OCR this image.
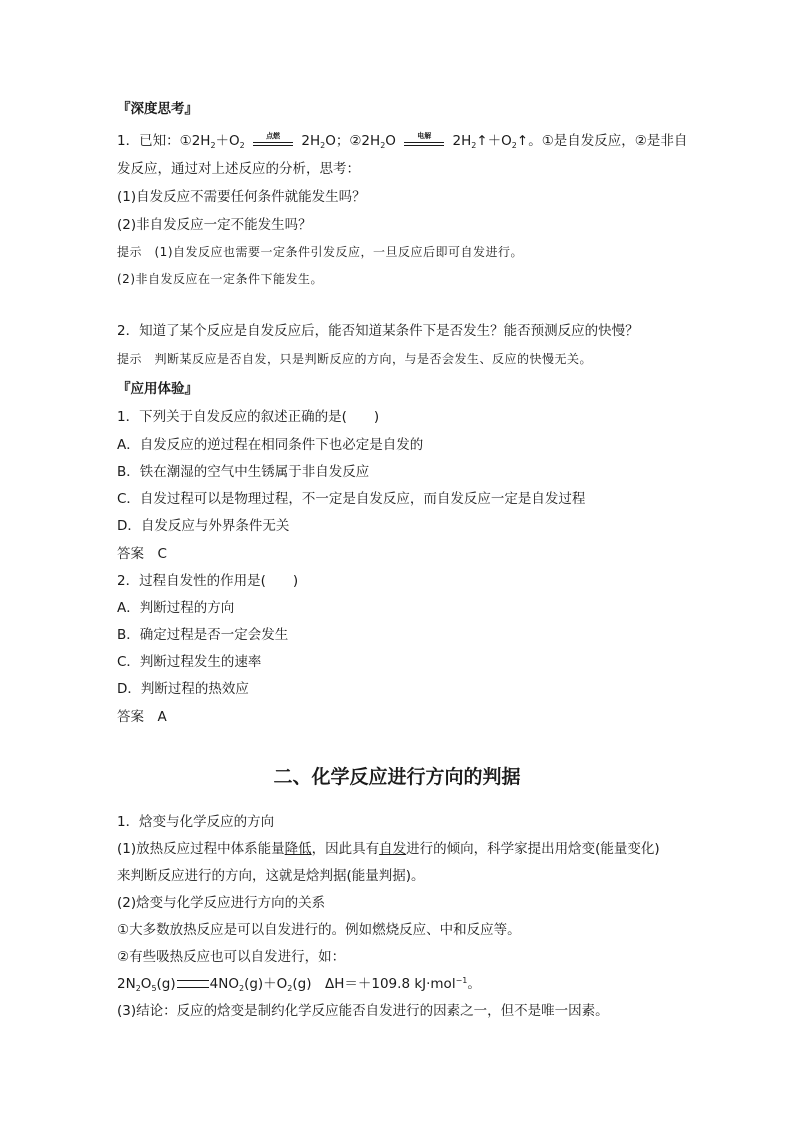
『深度思考』
1．已知：$①2H_2+O_2$
点燃	$2H_2O$；$②2H_2O$	电解	$2H_2↑+O_2↑$。①是自发反应，②是非自
发反应，通过对上述反应的分析，思考：
(1)自发反应不需要任何条件就能发生吗？
(2)非自发反应一定不能发生吗？
提示　(1)自发反应也需要一定条件引发反应，一旦反应后即可自发进行。
(2)非自发反应在一定条件下能发生。
2．知道了某个反应是自发反应后，能否知道某条件下是否发生？能否预测反应的快慢？
提示　判断某反应是否自发，只是判断反应的方向，与是否会发生、反应的快慢无关。
『应用体验』
1．下列关于自发反应的叙述正确的是(　　)
A．自发反应的逆过程在相同条件下也必定是自发的
B．铁在潮湿的空气中生锈属于非自发反应
C．自发过程可以是物理过程，不一定是自发反应，而自发反应一定是自发过程
D．自发反应与外界条件无关
答案　C
2．过程自发性的作用是(　　)
A．判断过程的方向
B．确定过程是否一定会发生
C．判断过程发生的速率
D．判断过程的热效应
答案　A
二、化学反应进行方向的判据
1．焓变与化学反应的方向
(1)放热反应过程中体系能量降低，因此具有自发进行的倾向，科学家提出用焓变(能量变化)
来判断反应进行的方向，这就是焓判据(能量判据)。
(2)焓变与化学反应进行方向的关系
①大多数放热反应是可以自发进行的。例如燃烧反应、中和反应等。
②有些吸热反应也可以自发进行，如：
$2N_2O_5(g)$	$4NO_2(g)+O_2(g)$　ΔH＝＋109.8 kJ·mol$^{-1}$。
(3)结论：反应的焓变是制约化学反应能否自发进行的因素之一，但不是唯一因素。
